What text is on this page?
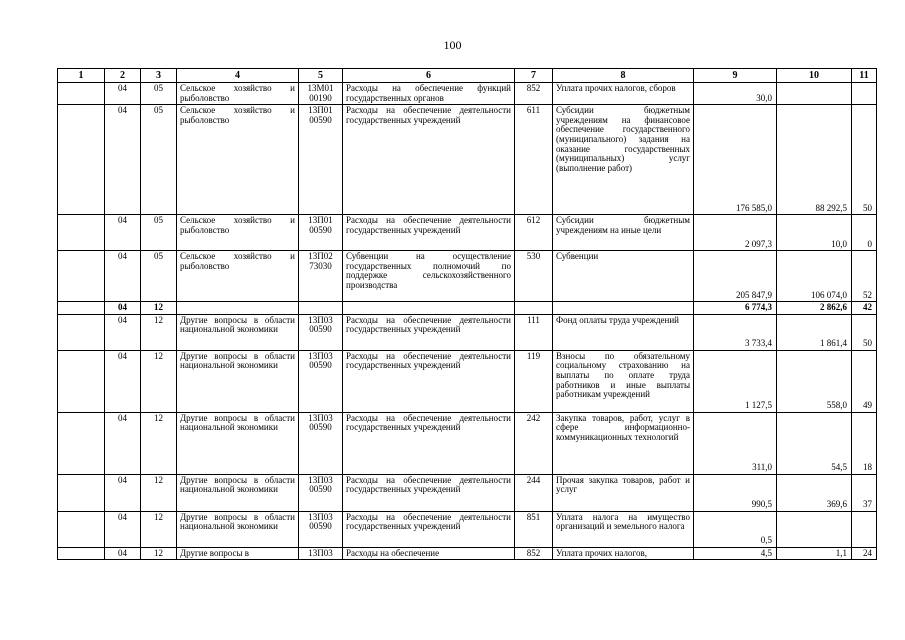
100
1	2	3	4	5	6	7	8	9	10	11
	04	05	Сельское хозяйство и рыболовство	13М01 00190	Расходы на обеспечение функций государственных органов	852	Уплата прочих налогов, сборов	30,0		
	04	05	Сельское хозяйство и рыболовство	13П01 00590	Расходы на обеспечение деятельности государственных учреждений	611	Субсидии бюджетным учреждениям на финансовое обеспечение государственного (муниципального) задания на оказание государственных (муниципальных) услуг (выполнение работ)	176 585,0	88 292,5	50
	04	05	Сельское хозяйство и рыболовство	13П01 00590	Расходы на обеспечение деятельности государственных учреждений	612	Субсидии бюджетным учреждениям на иные цели	2 097,3	10,0	0
	04	05	Сельское хозяйство и рыболовство	13П02 73030	Субвенции на осуществление государственных полномочий по поддержке сельскохозяйственного производства	530	Субвенции	205 847,9	106 074,0	52
	04	12						6 774,3	2 862,6	42
	04	12	Другие вопросы в области национальной экономики	13П03 00590	Расходы на обеспечение деятельности государственных учреждений	111	Фонд оплаты труда учреждений	3 733,4	1 861,4	50
	04	12	Другие вопросы в области национальной экономики	13П03 00590	Расходы на обеспечение деятельности государственных учреждений	119	Взносы по обязательному социальному страхованию на выплаты по оплате труда работников и иные выплаты работникам учреждений	1 127,5	558,0	49
	04	12	Другие вопросы в области национальной экономики	13П03 00590	Расходы на обеспечение деятельности государственных учреждений	242	Закупка товаров, работ, услуг в сфере информационно-коммуникационных технологий	311,0	54,5	18
	04	12	Другие вопросы в области национальной экономики	13П03 00590	Расходы на обеспечение деятельности государственных учреждений	244	Прочая закупка товаров, работ и услуг	990,5	369,6	37
	04	12	Другие вопросы в области национальной экономики	13П03 00590	Расходы на обеспечение деятельности государственных учреждений	851	Уплата налога на имущество организаций и земельного налога	0,5		
	04	12	Другие вопросы в	13П03	Расходы на обеспечение	852	Уплата прочих налогов,	4,5	1,1	24
